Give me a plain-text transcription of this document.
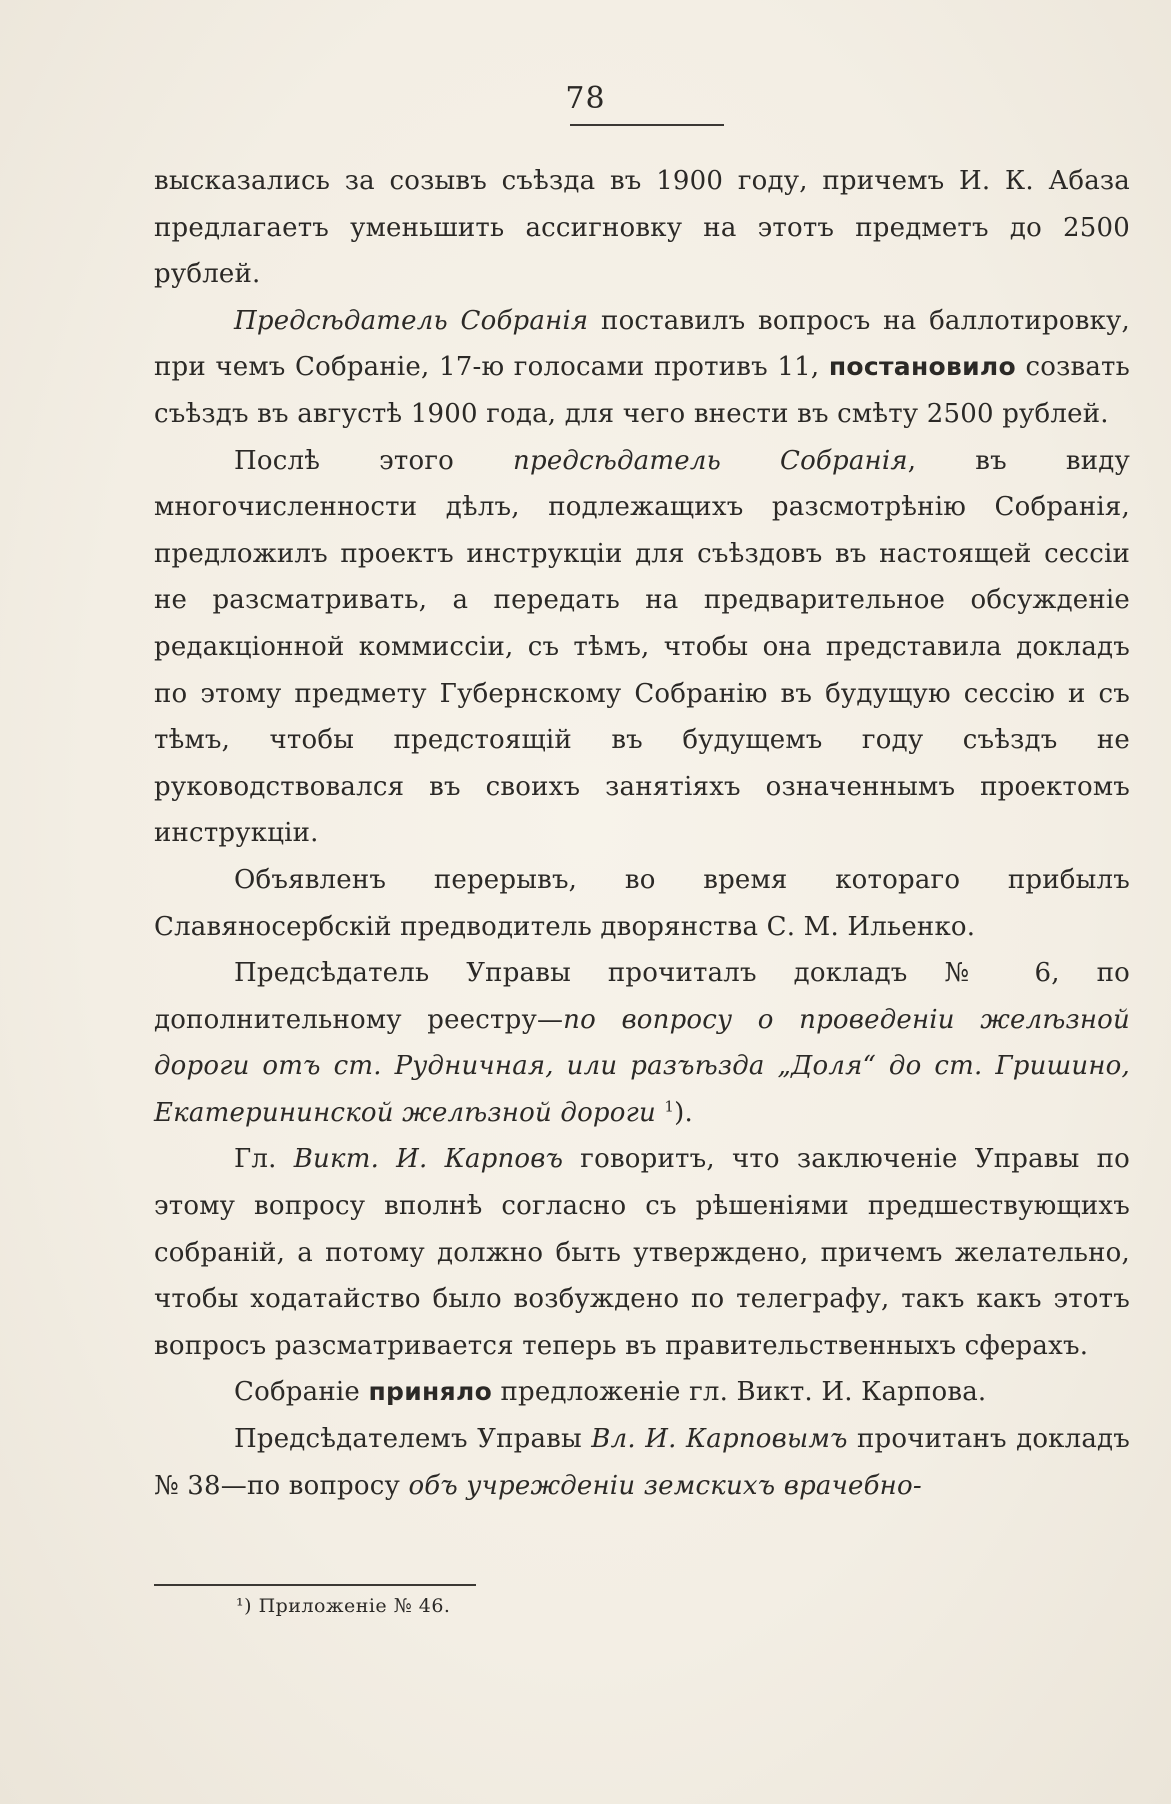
78

высказались за созывъ съѣзда въ 1900 году, причемъ И. К. Абаза предлагаетъ уменьшить ассигновку на этотъ предметъ до 2500 рублей.

Предсѣдатель Собранія поставилъ вопросъ на баллотировку, при чемъ Собраніе, 17-ю голосами противъ 11, постановило созвать съѣздъ въ августѣ 1900 года, для чего внести въ смѣту 2500 рублей.

Послѣ этого предсѣдатель Собранія, въ виду многочисленности дѣлъ, подлежащихъ разсмотрѣнію Собранія, предложилъ проектъ инструкціи для съѣздовъ въ настоящей сессіи не разсматривать, а передать на предварительное обсужденіе редакціонной коммиссіи, съ тѣмъ, чтобы она представила докладъ по этому предмету Губернскому Собранію въ будущую сессію и съ тѣмъ, чтобы предстоящій въ будущемъ году съѣздъ не руководствовался въ своихъ занятіяхъ означеннымъ проектомъ инструкціи.

Объявленъ перерывъ, во время котораго прибылъ Славяносербскій предводитель дворянства С. М. Ильенко.

Предсѣдатель Управы прочиталъ докладъ № 6, по дополнительному реестру—по вопросу о проведеніи желѣзной дороги отъ ст. Рудничная, или разъѣзда „Доля“ до ст. Гришино, Екатерининской желѣзной дороги $^1$).

Гл. Викт. И. Карповъ говоритъ, что заключеніе Управы по этому вопросу вполнѣ согласно съ рѣшеніями предшествующихъ собраній, а потому должно быть утверждено, причемъ желательно, чтобы ходатайство было возбуждено по телеграфу, такъ какъ этотъ вопросъ разсматривается теперь въ правительственныхъ сферахъ.

Собраніе приняло предложеніе гл. Викт. И. Карпова.

Предсѣдателемъ Управы Вл. И. Карповымъ прочитанъ докладъ № 38—по вопросу объ учрежденіи земскихъ врачебно-

¹) Приложеніе № 46.
